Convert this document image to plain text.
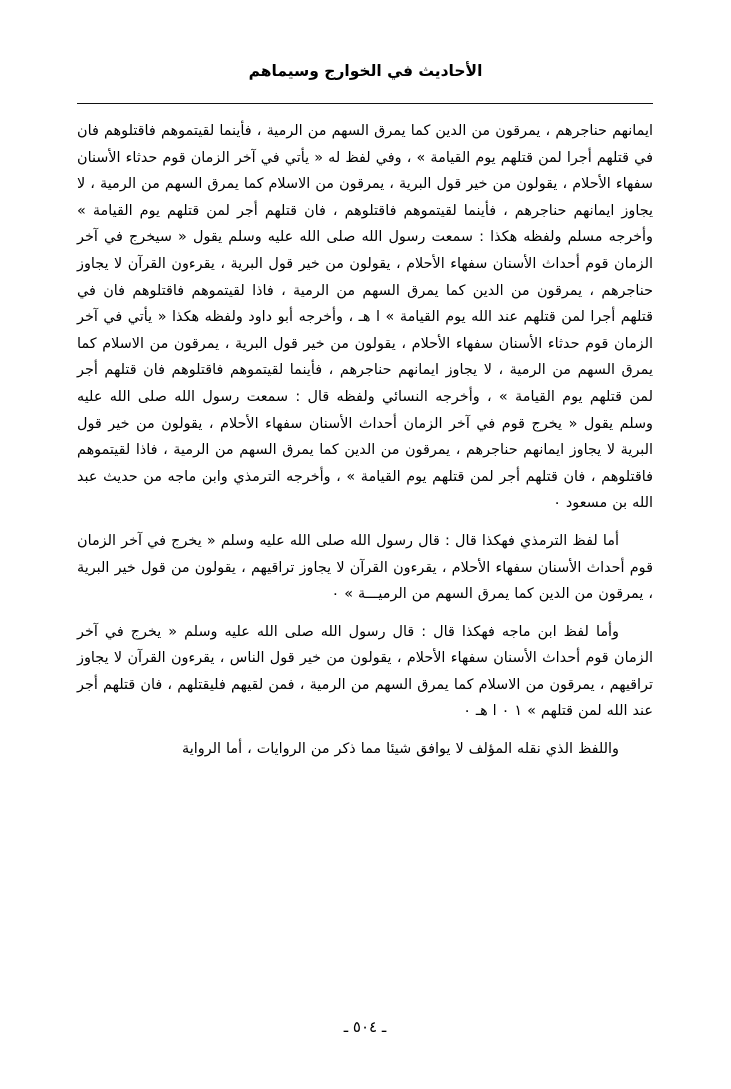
الأحاديث في الخوارج وسيماهم

ايمانهم حناجرهم ، يمرقون من الدين كما يمرق السهم من الرمية ، فأينما لقيتموهم فاقتلوهم فان في قتلهم أجرا لمن قتلهم يوم القيامة » ، وفي لفظ له « يأتي في آخر الزمان قوم حدثاء الأسنان سفهاء الأحلام ، يقولون من خير قول البرية ، يمرقون من الاسلام كما يمرق السهم من الرمية ، لا يجاوز ايمانهم حناجرهم ، فأينما لقيتموهم فاقتلوهم ، فان قتلهم أجر لمن قتلهم يوم القيامة » وأخرجه مسلم ولفظه هكذا : سمعت رسول الله صلى الله عليه وسلم يقول « سيخرج في آخر الزمان قوم أحداث الأسنان سفهاء الأحلام ، يقولون من خير قول البرية ، يقرءون القرآن لا يجاوز حناجرهم ، يمرقون من الدين كما يمرق السهم من الرمية ، فاذا لقيتموهم فاقتلوهم فان في قتلهم أجرا لمن قتلهم عند الله يوم القيامة » ا هـ ، وأخرجه أبو داود ولفظه هكذا « يأتي في آخر الزمان قوم حدثاء الأسنان سفهاء الأحلام ، يقولون من خير قول البرية ، يمرقون من الاسلام كما يمرق السهم من الرمية ، لا يجاوز ايمانهم حناجرهم ، فأينما لقيتموهم فاقتلوهم فان قتلهم أجر لمن قتلهم يوم القيامة » ، وأخرجه النسائي ولفظه قال : سمعت رسول الله صلى الله عليه وسلم يقول « يخرج قوم في آخر الزمان أحداث الأسنان سفهاء الأحلام ، يقولون من خير قول البرية لا يجاوز ايمانهم حناجرهم ، يمرقون من الدين كما يمرق السهم من الرمية ، فاذا لقيتموهم فاقتلوهم ، فان قتلهم أجر لمن قتلهم يوم القيامة » ، وأخرجه الترمذي وابن ماجه من حديث عبد الله بن مسعود ٠

أما لفظ الترمذي فهكذا قال : قال رسول الله صلى الله عليه وسلم « يخرج في آخر الزمان قوم أحداث الأسنان سفهاء الأحلام ، يقرءون القرآن لا يجاوز تراقيهم ، يقولون من قول خير البرية ، يمرقون من الدين كما يمرق السهم من الرميـــة » ٠

وأما لفظ ابن ماجه فهكذا قال : قال رسول الله صلى الله عليه وسلم « يخرج في آخر الزمان قوم أحداث الأسنان سفهاء الأحلام ، يقولون من خير قول الناس ، يقرءون القرآن لا يجاوز تراقيهم ، يمرقون من الاسلام كما يمرق السهم من الرمية ، فمن لقيهم فليقتلهم ، فان قتلهم أجر عند الله لمن قتلهم » ١ ٠ ا هـ ٠

واللفظ الذي نقله المؤلف لا يوافق شيئا مما ذكر من الروايات ، أما الرواية

ـ ٥٠٤ ـ
